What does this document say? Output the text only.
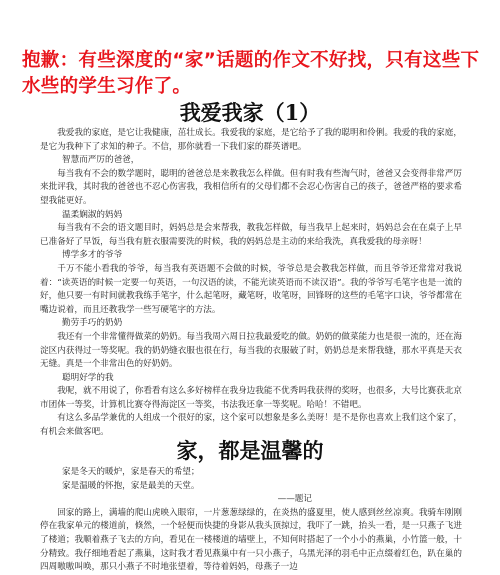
抱歉：有些深度的“家”话题的作文不好找，只有这些下水些的学生习作了。
我爱我家（1）

我爱我的家庭，是它让我健康，茁壮成长。我爱我的家庭，是它给予了我的聪明和伶俐。我爱的我的家庭，是它为我种下了求知的种子。不信，那你就看一下我们家的群英谱吧。

智慧而严厉的爸爸，

每当我有不会的数学题时，聪明的爸爸总是来教我怎么样做。但有时我有些淘气时，爸爸又会变得非常严厉来批评我，其时我的爸爸也不忍心伤害我，我相信所有的父母们都不会忍心伤害自己的孩子，爸爸严格的要求希望我能更好。

温柔娴淑的妈妈

每当我有不会的语文题目时，妈妈总是会来帮我，教我怎样做，每当我早上起来时，妈妈总会在在桌子上早已准备好了早饭，每当我有脏衣服需要洗的时候，我的妈妈总是主动的来给我洗，真我爱我的母亲呀！

博学多才的爷爷

千万不能小看我的爷爷，每当我有英语题不会做的时候，爷爷总是会教我怎样做，而且爷爷还常常对我说着：“读英语的时候一定要一句英语，一句汉语的读，不能光读英语而不读汉语”。我的爷爷写毛笔字也是一流的好，他只要一有时间就教我练手笔字，什么起笔呀，藏笔呀，收笔呀，回锋呀的这些的毛笔字口诀，爷爷都常在嘴边说着，而且还教我学一些写硬笔字的方法。

勤劳手巧的奶奶

我还有一个非常懂得做菜的奶奶。每当我周六周日拉我最爱吃的做。奶奶的做菜能力也是很一流的，还在海淀区内获得过一等奖呢。我的奶奶缝衣服也很在行，每当我的衣服破了时，奶奶总是来帮我缝，那水平真是天衣无缝。真是一个非常出色的好奶奶。

聪明好学的我

我呢，就不用说了，你看看有这么多好榜样在我身边我能不优秀吗我获得的奖呀，也很多，大号比赛获北京市团体一等奖，计算机比赛夺得海淀区一等奖，书法我还拿一等奖呢。哈哈！不错吧。

有这么多品学兼优的人组成一个很好的家，这个家可以想象是多么美呀！是不是你也喜欢上我们这个家了，有机会来做客吧。

家，都是温馨的

家是冬天的暖炉，家是春天的希望；

家是温暖的怀抱，家是最美的天堂。

——题记

回家的路上，满墙的爬山虎映入眼帘，一片葱葱绿绿的，在炎热的盛夏里，使人感到丝丝凉爽。我骑车刚刚停在我家单元的楼道前，倏然，一个轻便而快捷的身影从我头顶掠过，我吓了一跳，抬头一看，是一只燕子飞进了楼道；我顺着燕子飞去的方向，看见在一楼楼道的墙壁上，不知何时搭起了一个小小的燕巢，小竹篮一般，十分精致。我仔细地看起了燕巢，这时我才看见燕巢中有一只小燕子，乌黑光泽的羽毛中正点缀着红色，趴在巢的四周嗷嗷叫唤，那只小燕子不时地张望着，等待着妈妈，母燕子一边
